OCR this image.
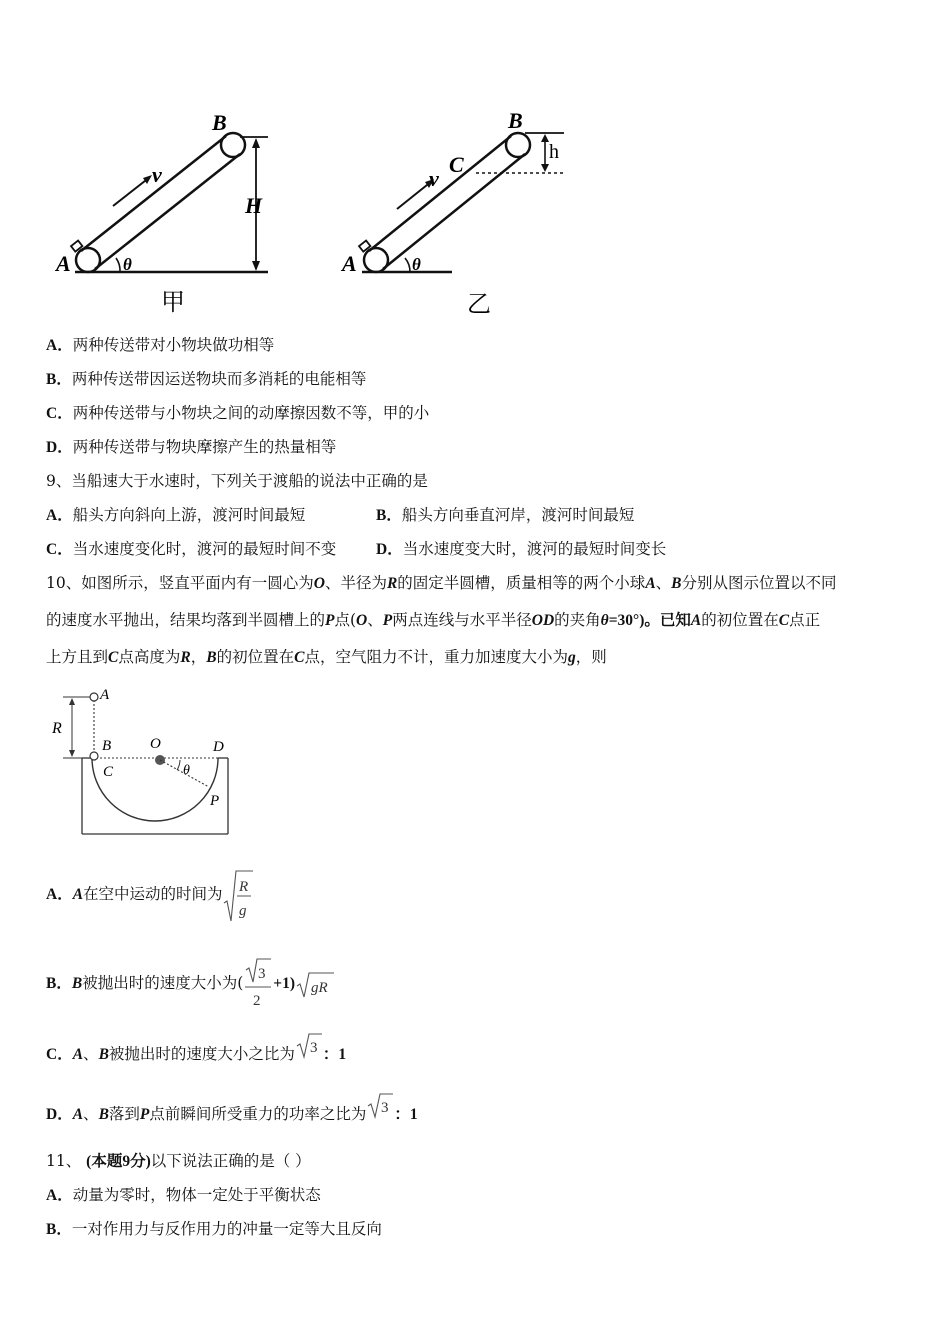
B
A
v
H
θ
甲
B
C
A
v
h
θ
乙
A．两种传送带对小物块做功相等
B．两种传送带因运送物块而多消耗的电能相等
C．两种传送带与小物块之间的动摩擦因数不等，甲的小
D．两种传送带与物块摩擦产生的热量相等
9、当船速大于水速时，下列关于渡船的说法中正确的是
A．船头方向斜向上游，渡河时间最短	B．船头方向垂直河岸，渡河时间最短
C．当水速度变化时，渡河的最短时间不变	D．当水速度变大时，渡河的最短时间变长
10、如图所示，竖直平面内有一圆心为O、半径为R的固定半圆槽，质量相等的两个小球A、B分别从图示位置以不同
的速度水平抛出，结果均落到半圆槽上的P点(O、P两点连线与水平半径OD的夹角θ=30°)。已知A的初位置在C点正
上方且到C点高度为R，B的初位置在C点，空气阻力不计，重力加速度大小为g，则
A
R
B	O	D
C	θ
P
A．A在空中运动的时间为 R
g
B．B被抛出时的速度大小为( 3
2
+1) gR
C．A、B被抛出时的速度大小之比为 3 ：1
D．A、B落到P点前瞬间所受重力的功率之比为 3 ：1
11、 (本题9分)以下说法正确的是（ ）
A．动量为零时，物体一定处于平衡状态
B．一对作用力与反作用力的冲量一定等大且反向
